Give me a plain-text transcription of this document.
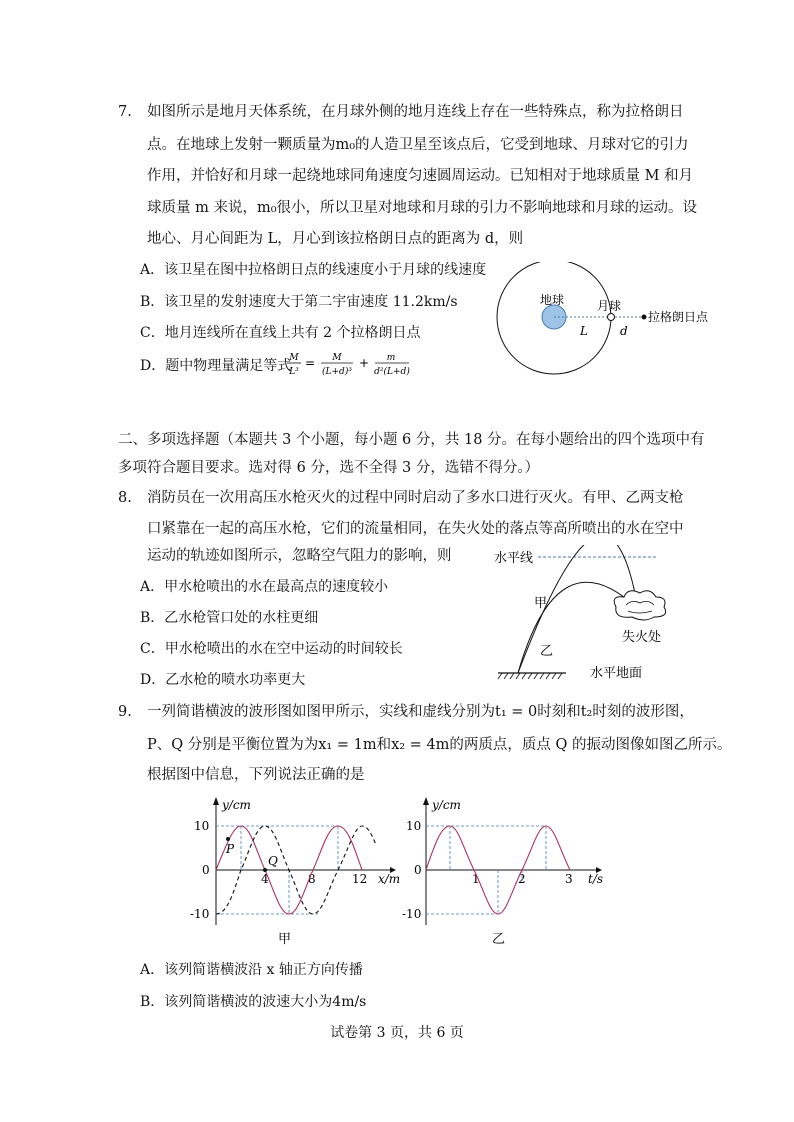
7. 如图所示是地月天体系统，在月球外侧的地月连线上存在一些特殊点，称为拉格朗日
点。在地球上发射一颗质量为m₀的人造卫星至该点后，它受到地球、月球对它的引力
作用，并恰好和月球一起绕地球同角速度匀速圆周运动。已知相对于地球质量 M 和月
球质量 m 来说，m₀很小，所以卫星对地球和月球的引力不影响地球和月球的运动。设
地心、月心间距为 L，月心到该拉格朗日点的距离为 d，则
A．该卫星在图中拉格朗日点的线速度小于月球的线速度
B．该卫星的发射速度大于第二宇宙速度 11.2km/s
C．地月连线所在直线上共有 2 个拉格朗日点
D．题中物理量满足等式
M
L³
= M
(L+d)³
+ m
d²(L+d)
地球	月球
L	d
拉格朗日点
二、多项选择题（本题共 3 个小题，每小题 6 分，共 18 分。在每小题给出的四个选项中有
多项符合题目要求。选对得 6 分，选不全得 3 分，选错不得分。）
8. 消防员在一次用高压水枪灭火的过程中同时启动了多水口进行灭火。有甲、乙两支枪
口紧靠在一起的高压水枪，它们的流量相同，在失火处的落点等高所喷出的水在空中
运动的轨迹如图所示，忽略空气阻力的影响，则
A．甲水枪喷出的水在最高点的速度较小
B．乙水枪管口处的水柱更细
C．甲水枪喷出的水在空中运动的时间较长
D．乙水枪的喷水功率更大
水平线
甲
乙
失火处
水平地面
9. 一列简谐横波的波形图如图甲所示，实线和虚线分别为t₁ = 0时刻和t₂时刻的波形图，
P、Q 分别是平衡位置为为x₁ = 1m和x₂ = 4m的两质点，质点 Q 的振动图像如图乙所示。
根据图中信息，下列说法正确的是
y/cm
x/m
10
0
-10
4	8	12
P
Q
甲
y/cm
t/s
10
0
-10
1	2	3
乙
A．该列简谐横波沿 x 轴正方向传播
B．该列简谐横波的波速大小为4m/s
试卷第 3 页，共 6 页
